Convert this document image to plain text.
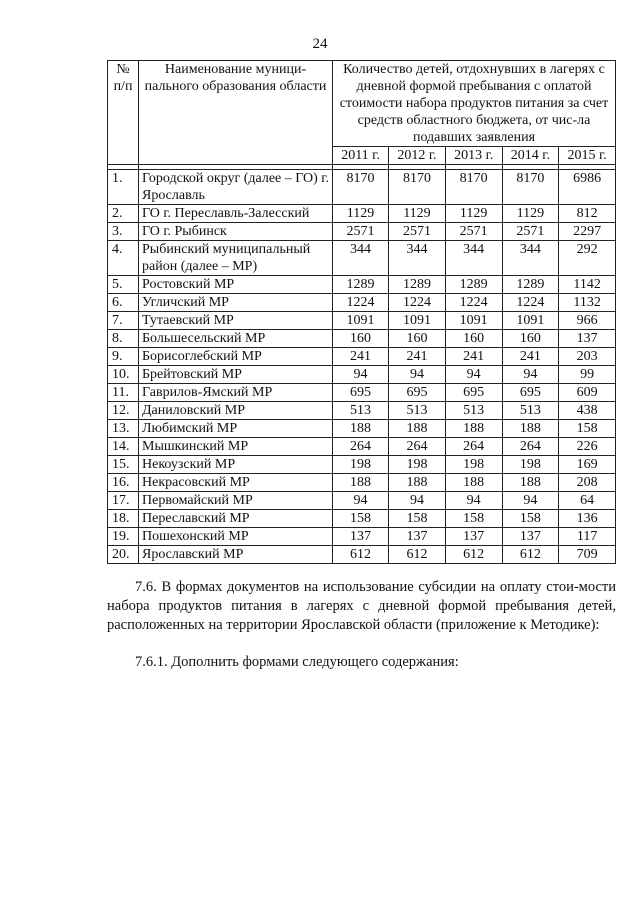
24
№ п/п	Наименование муници-пального образования области	Количество детей, отдохнувших в лагерях с дневной формой пребывания с оплатой стоимости набора продуктов питания за счет средств областного бюджета, от чис-ла подавших заявления				
		2011 г.	2012 г.	2013 г.	2014 г.	2015 г.

1.	Городской округ (далее – ГО) г. Ярославль	8170	8170	8170	8170	6986
2.	ГО г. Переславль-Залесский	1129	1129	1129	1129	812
3.	ГО г. Рыбинск	2571	2571	2571	2571	2297
4.	Рыбинский муниципальный район (далее – МР)	344	344	344	344	292
5.	Ростовский МР	1289	1289	1289	1289	1142
6.	Угличский МР	1224	1224	1224	1224	1132
7.	Тутаевский МР	1091	1091	1091	1091	966
8.	Большесельский МР	160	160	160	160	137
9.	Борисоглебский МР	241	241	241	241	203
10.	Брейтовский МР	94	94	94	94	99
11.	Гаврилов-Ямский МР	695	695	695	695	609
12.	Даниловский МР	513	513	513	513	438
13.	Любимский МР	188	188	188	188	158
14.	Мышкинский МР	264	264	264	264	226
15.	Некоузский МР	198	198	198	198	169
16.	Некрасовский МР	188	188	188	188	208
17.	Первомайский МР	94	94	94	94	64
18.	Переславский МР	158	158	158	158	136
19.	Пошехонский МР	137	137	137	137	117
20.	Ярославский МР	612	612	612	612	709
7.6. В формах документов на использование субсидии на оплату стои-мости набора продуктов питания в лагерях с дневной формой пребывания детей, расположенных на территории Ярославской области (приложение к Методике):
7.6.1. Дополнить формами следующего содержания:
